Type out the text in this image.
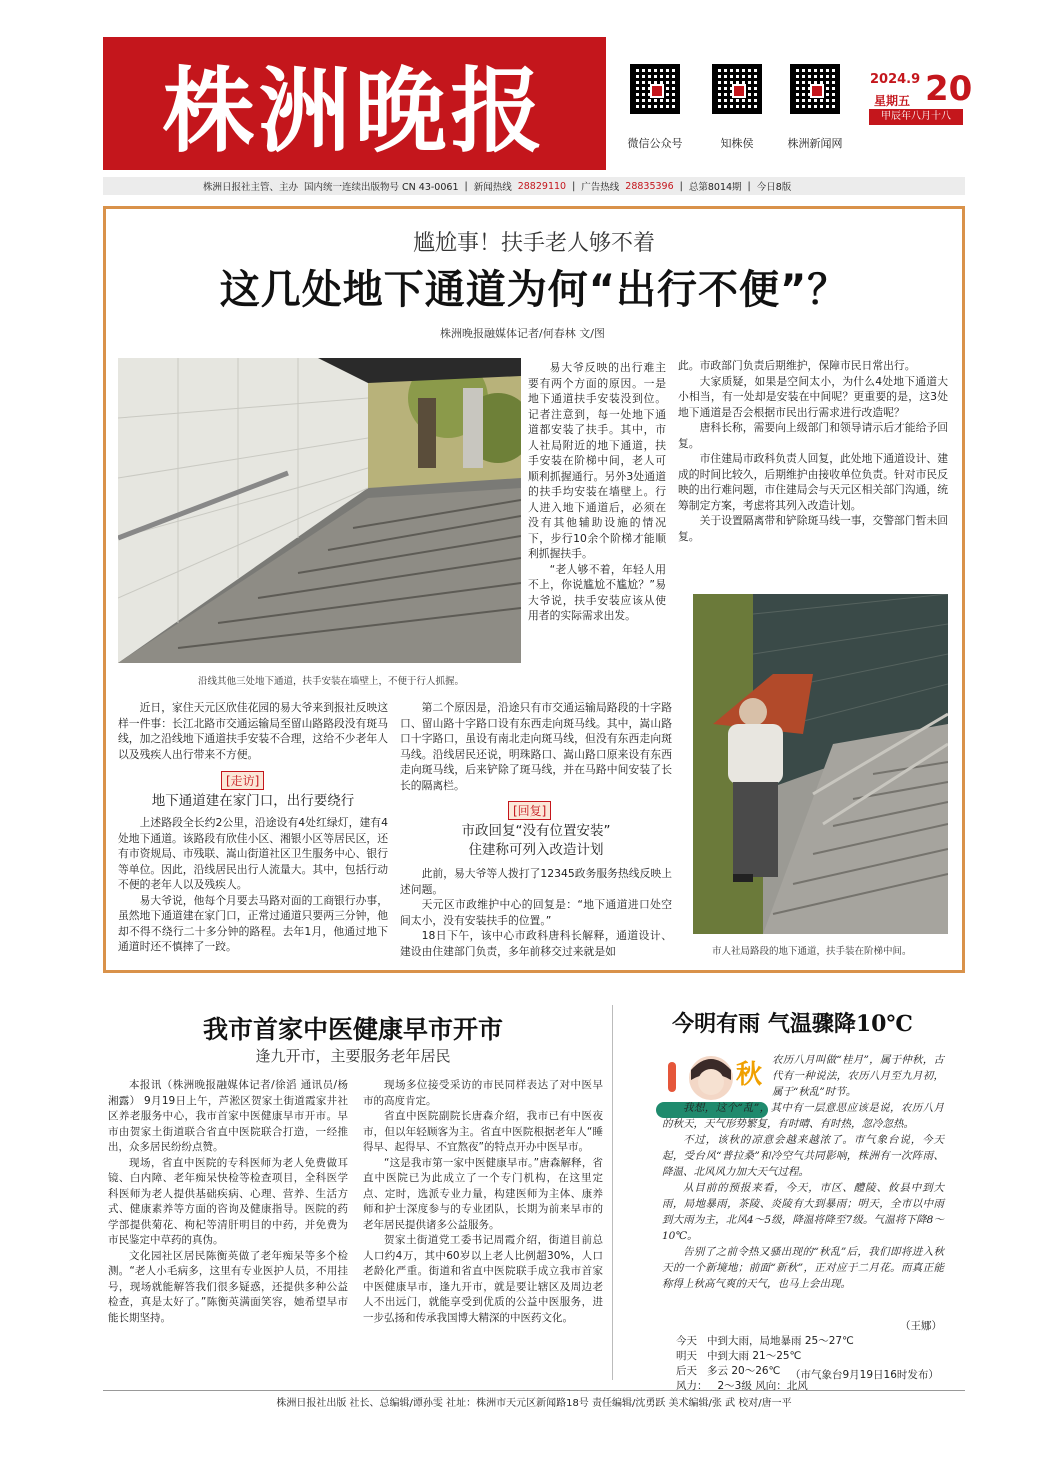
株洲晚报	微信公众号	知株侯	株洲新闻网
2024.9
星期五 20
甲辰年八月十八
株洲日报社主管、主办 国内统一连续出版物号 CN 43-0061 | 新闻热线 28829110 | 广告热线 28835396 | 总第8014期 | 今日8版
尴尬事！扶手老人够不着
这几处地下通道为何“出行不便”？
株洲晚报融媒体记者/何春林 文/图
沿线其他三处地下通道，扶手安装在墙壁上，不便于行人抓握。

易大爷反映的出行难主要有两个方面的原因。一是地下通道扶手安装没到位。记者注意到，每一处地下通道都安装了扶手。其中，市人社局附近的地下通道，扶手安装在阶梯中间，老人可顺利抓握通行。另外3处通道的扶手均安装在墙壁上。行人进入地下通道后，必须在没有其他辅助设施的情况下，步行10余个阶梯才能顺利抓握扶手。

“老人够不着，年轻人用不上，你说尴尬不尴尬？”易大爷说，扶手安装应该从使用者的实际需求出发。

此。市政部门负责后期维护，保障市民日常出行。

大家质疑，如果是空间太小，为什么4处地下通道大小相当，有一处却是安装在中间呢？更重要的是，这3处地下通道是否会根据市民出行需求进行改造呢？

唐科长称，需要向上级部门和领导请示后才能给予回复。

市住建局市政科负责人回复，此处地下通道设计、建成的时间比较久，后期维护由接收单位负责。针对市民反映的出行难问题，市住建局会与天元区相关部门沟通，统筹制定方案，考虑将其列入改造计划。

关于设置隔离带和铲除斑马线一事，交警部门暂未回复。

市人社局路段的地下通道，扶手装在阶梯中间。

近日，家住天元区欣佳花园的易大爷来到报社反映这样一件事：长江北路市交通运输局至留山路路段没有斑马线，加之沿线地下通道扶手安装不合理，这给不少老年人以及残疾人出行带来不方便。

[走访]
地下通道建在家门口，出行要绕行

上述路段全长约2公里，沿途设有4处红绿灯，建有4处地下通道。该路段有欣佳小区、湘银小区等居民区，还有市资规局、市残联、嵩山街道社区卫生服务中心、银行等单位。因此，沿线居民出行人流量大。其中，包括行动不便的老年人以及残疾人。

易大爷说，他每个月要去马路对面的工商银行办事，虽然地下通道建在家门口，正常过通道只要两三分钟，他却不得不绕行二十多分钟的路程。去年1月，他通过地下通道时还不慎摔了一跤。

第二个原因是，沿途只有市交通运输局路段的十字路口、留山路十字路口设有东西走向斑马线。其中，嵩山路口十字路口，虽设有南北走向斑马线，但没有东西走向斑马线。沿线居民还说，明珠路口、嵩山路口原来设有东西走向斑马线，后来铲除了斑马线，并在马路中间安装了长长的隔离栏。

[回复]
市政回复“没有位置安装”
住建称可列入改造计划

此前，易大爷等人拨打了12345政务服务热线反映上述问题。

天元区市政维护中心的回复是：“地下通道进口处空间太小，没有安装扶手的位置。”

18日下午，该中心市政科唐科长解释，通道设计、建设由住建部门负责，多年前移交过来就是如

我市首家中医健康早市开市
逢九开市，主要服务老年居民

本报讯（株洲晚报融媒体记者/徐滔 通讯员/杨湘露） 9月19日上午，芦淞区贺家土街道霞家井社区养老服务中心，我市首家中医健康早市开市。早市由贺家土街道联合省直中医院联合打造，一经推出，众多居民纷纷点赞。

现场，省直中医院的专科医师为老人免费做耳镜、白内障、老年痴呆快检等检查项目，全科医学科医师为老人提供基础疾病、心理、营养、生活方式、健康素养等方面的咨询及健康指导。医院的药学部提供菊花、枸杞等清肝明目的中药，并免费为市民鉴定中草药的真伪。

文化园社区居民陈衡英做了老年痴呆等多个检测。“老人小毛病多，这里有专业医护人员，不用挂号，现场就能解答我们很多疑惑，还提供多种公益检查，真是太好了。”陈衡英满面笑容，她希望早市能长期坚持。

现场多位接受采访的市民同样表达了对中医早市的高度肯定。

省直中医院副院长唐森介绍，我市已有中医夜市，但以年轻顾客为主。省直中医院根据老年人“睡得早、起得早、不宜熬夜”的特点开办中医早市。

“这是我市第一家中医健康早市。”唐森解释，省直中医院已为此成立了一个专门机构，在这里定点、定时，选派专业力量，构建医师为主体、康养师和护士深度参与的专业团队，长期为前来早市的老年居民提供诸多公益服务。

贺家土街道党工委书记周霞介绍，街道目前总人口约4万，其中60岁以上老人比例超30%，人口老龄化严重。街道和省直中医院联手成立我市首家中医健康早市，逢九开市，就是要让辖区及周边老人不出远门，就能享受到优质的公益中医服务，进一步弘扬和传承我国博大精深的中医药文化。

今明有雨 气温骤降10℃
秋 农历八月叫做“桂月”，属于仲秋，古代有一种说法，农历八月至九月初，属于“秋乱”时节。

我想，这个“乱”，其中有一层意思应该是说，农历八月的秋天，天气形势繁复，有时晴、有时热，忽冷忽热。

不过，该秋的凉意会越来越浓了。市气象台说，今天起，受台风“普拉桑”和冷空气共同影响，株洲有一次阵雨、降温、北风风力加大天气过程。

从目前的预报来看，今天，市区、醴陵、攸县中到大雨，局地暴雨，茶陵、炎陵有大到暴雨；明天，全市以中雨到大雨为主，北风4～5级，降温将降至7级。气温将下降8～10℃。

告别了之前令热又骚出现的“秋乱”后，我们即将进入秋天的一个新境地；前面“新秋”，正对应于二月花。而真正能称得上秋高气爽的天气，也马上会出现。

（王娜）
今天 中到大雨，局地暴雨 25～27℃
明天 中到大雨 21～25℃
后天 多云 20～26℃
风力： 2～3级 风向：北风
（市气象台9月19日16时发布）
株洲日报社出版 社长、总编辑/谭孙雯 社址：株洲市天元区新闻路18号 责任编辑/沈勇跃 美术编辑/张 武 校对/唐一平
